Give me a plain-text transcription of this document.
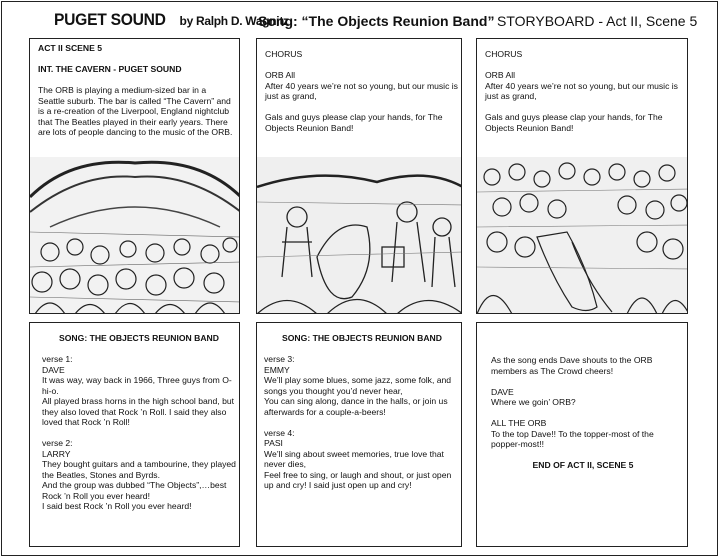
PUGET SOUND by Ralph D. Wagnitz
Song: “The Objects Reunion Band” STORYBOARD - Act II, Scene 5

ACT II SCENE 5

INT. THE CAVERN - PUGET SOUND

The ORB is playing a medium-sized bar in a Seattle suburb. The bar is called “The Cavern” and is a re-creation of the Liverpool, England nightclub that The Beatles played in their early years. There are lots of people dancing to the music of the ORB.

CHORUS

ORB All

After 40 years we’re not so young, but our music is just as grand,

Gals and guys please clap your hands, for The Objects Reunion Band!

CHORUS

ORB All

After 40 years we’re not so young, but our music is just as grand,

Gals and guys please clap your hands, for The Objects Reunion Band!

SONG: THE OBJECTS REUNION BAND

verse 1:

DAVE

It was way, way back in 1966, Three guys from O-hi-o.

All played brass horns in the high school band, but they also loved that Rock ’n Roll. I said they also loved that Rock ’n Roll!

verse 2:

LARRY

They bought guitars and a tambourine, they played the Beatles, Stones and Byrds.

And the group was dubbed “The Objects”,…best Rock ’n Roll you ever heard!

I said best Rock ’n Roll you ever heard!

SONG: THE OBJECTS REUNION BAND

verse 3:

EMMY

We’ll play some blues, some jazz, some folk, and songs you thought you’d never hear,

You can sing along, dance in the halls, or join us afterwards for a couple-a-beers!

verse 4:

PASI

We’ll sing about sweet memories, true love that never dies,

Feel free to sing, or laugh and shout, or just open up and cry! I said just open up and cry!

As the song ends Dave shouts to the ORB members as The Crowd cheers!

DAVE

Where we goin’ ORB?

ALL THE ORB

To the top Dave!! To the topper-most of the popper-most!!

END OF ACT II, SCENE 5
